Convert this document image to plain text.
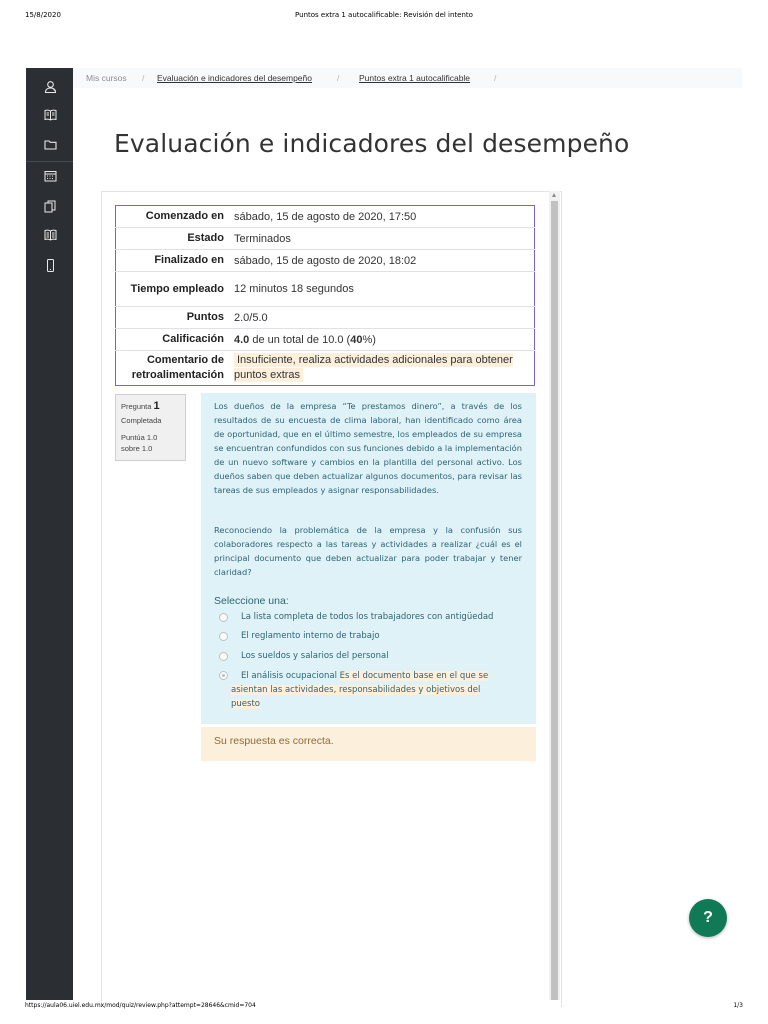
15/8/2020	Puntos extra 1 autocalificable: Revisión del intento
Mis cursos / Evaluación e indicadores del desempeño	/ Puntos extra 1 autocalificable	/
Evaluación e indicadores del desempeño
Comenzado en	sábado, 15 de agosto de 2020, 17:50
Estado	Terminados
Finalizado en	sábado, 15 de agosto de 2020, 18:02
Tiempo empleado	12 minutos 18 segundos
Puntos	2.0/5.0
Calificación	4.0 de un total de 10.0 (40%)
Comentario de retroalimentación	Insuficiente, realiza actividades adicionales para obtener puntos extras
Pregunta 1
Completada
Puntúa 1.0
sobre 1.0
Los dueños de la empresa “Te prestamos dinero”, a través de los resultados de su encuesta de clima laboral, han identificado como área de oportunidad, que en el último semestre, los empleados de su empresa se encuentran confundidos con sus funciones debido a la implementación de un nuevo software y cambios en la plantilla del personal activo. Los dueños saben que deben actualizar algunos documentos, para revisar las tareas de sus empleados y asignar responsabilidades.
Reconociendo la problemática de la empresa y la confusión sus colaboradores respecto a las tareas y actividades a realizar ¿cuál es el principal documento que deben actualizar para poder trabajar y tener claridad?
Seleccione una:
La lista completa de todos los trabajadores con antigüedad
El reglamento interno de trabajo
Los sueldos y salarios del personal
El análisis ocupacional Es el documento base en el que se asientan las actividades, responsabilidades y objetivos del puesto
Su respuesta es correcta.
?
https://aula06.uiel.edu.mx/mod/quiz/review.php?attempt=28646&cmid=704	1/3
